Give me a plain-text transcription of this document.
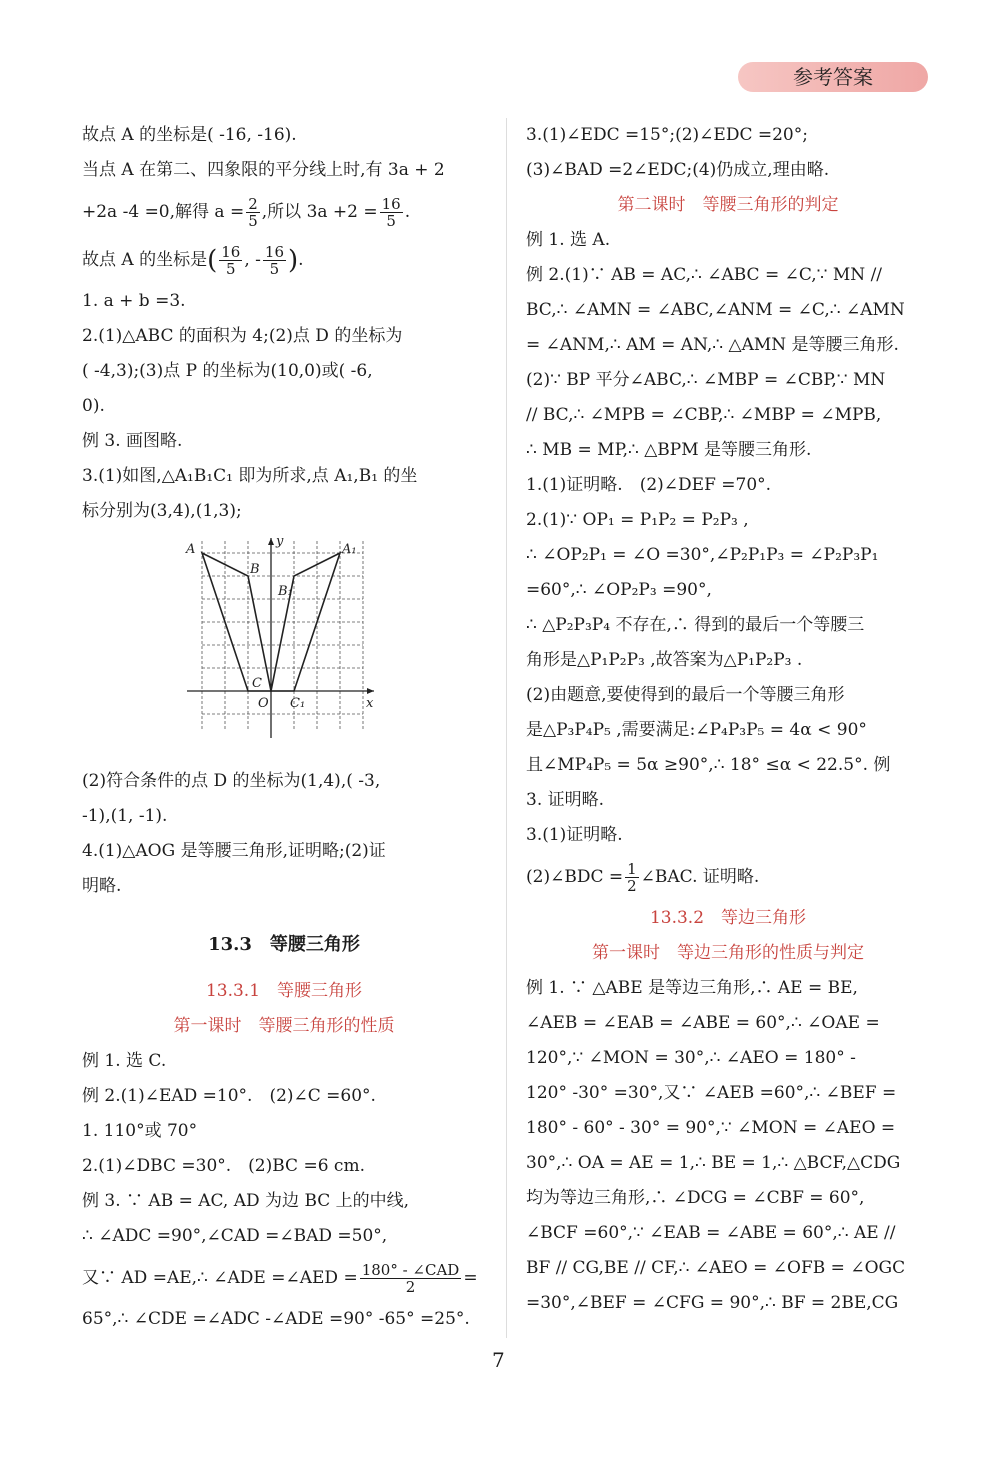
参考答案
故点 A 的坐标是( -16, -16).
当点 A 在第二、四象限的平分线上时,有 3a + 2
+2a -4 =0,解得 $a = \frac{2}{5}$ ,所以 $3a +2 = \frac{16}{5}$ .
故点 A 的坐标是( $\frac{16}{5}$ , - $\frac{16}{5}$ ).
1. a + b =3.
2.(1)△ABC 的面积为 4;(2)点 D 的坐标为
( -4,3);(3)点 P 的坐标为(10,0)或( -6,
0).
例 3. 画图略.
3.(1)如图,△A₁B₁C₁ 即为所求,点 A₁,B₁ 的坐
标分别为(3,4),(1,3);
y
x
A
B
C
O
A₁
B₁
C₁
(2)符合条件的点 D 的坐标为(1,4),( -3,
-1),(1, -1).
4.(1)△AOG 是等腰三角形,证明略;(2)证
明略.
13.3　等腰三角形
13.3.1　等腰三角形
第一课时　等腰三角形的性质
例 1. 选 C.
例 2.(1)∠EAD =10°.　(2)∠C =60°.
1. 110°或 70°
2.(1)∠DBC =30°.　(2)BC =6 cm.
例 3. ∵ AB = AC, AD 为边 BC 上的中线,
∴ ∠ADC =90°,∠CAD =∠BAD =50°,
又∵ AD =AE,∴ ∠ADE =∠AED = $\frac{\text{180° - ∠CAD}}{2}$ =
65°,∴ ∠CDE =∠ADC -∠ADE =90° -65° =25°.
3.(1)∠EDC =15°;(2)∠EDC =20°;
(3)∠BAD =2∠EDC;(4)仍成立,理由略.
第二课时　等腰三角形的判定
例 1. 选 A.
例 2.(1)∵ AB = AC,∴ ∠ABC = ∠C,∵ MN //
BC,∴ ∠AMN = ∠ABC,∠ANM = ∠C,∴ ∠AMN
= ∠ANM,∴ AM = AN,∴ △AMN 是等腰三角形.
(2)∵ BP 平分∠ABC,∴ ∠MBP = ∠CBP,∵ MN
// BC,∴ ∠MPB = ∠CBP,∴ ∠MBP = ∠MPB,
∴ MB = MP,∴ △BPM 是等腰三角形.
1.(1)证明略.　(2)∠DEF =70°.
2.(1)∵ OP₁ = P₁P₂ = P₂P₃ ,
∴ ∠OP₂P₁ = ∠O =30°,∠P₂P₁P₃ = ∠P₂P₃P₁
=60°,∴ ∠OP₂P₃ =90°,
∴ △P₂P₃P₄ 不存在,∴ 得到的最后一个等腰三
角形是△P₁P₂P₃ ,故答案为△P₁P₂P₃ .
(2)由题意,要使得到的最后一个等腰三角形
是△P₃P₄P₅ ,需要满足:∠P₄P₃P₅ = 4α < 90°
且∠MP₄P₅ = 5α ≥90°,∴ 18° ≤α < 22.5°. 例
3. 证明略.
3.(1)证明略.
(2)∠BDC = $\frac{1}{2}$ ∠BAC. 证明略.
13.3.2　等边三角形
第一课时　等边三角形的性质与判定
例 1. ∵ △ABE 是等边三角形,∴ AE = BE,
∠AEB = ∠EAB = ∠ABE = 60°,∴ ∠OAE =
120°,∵ ∠MON = 30°,∴ ∠AEO = 180° -
120° -30° =30°,又∵ ∠AEB =60°,∴ ∠BEF =
180° - 60° - 30° = 90°,∵ ∠MON = ∠AEO =
30°,∴ OA = AE = 1,∴ BE = 1,∴ △BCF,△CDG
均为等边三角形,∴ ∠DCG = ∠CBF = 60°,
∠BCF =60°,∵ ∠EAB = ∠ABE = 60°,∴ AE //
BF // CG,BE // CF,∴ ∠AEO = ∠OFB = ∠OGC
=30°,∠BEF = ∠CFG = 90°,∴ BF = 2BE,CG
7
